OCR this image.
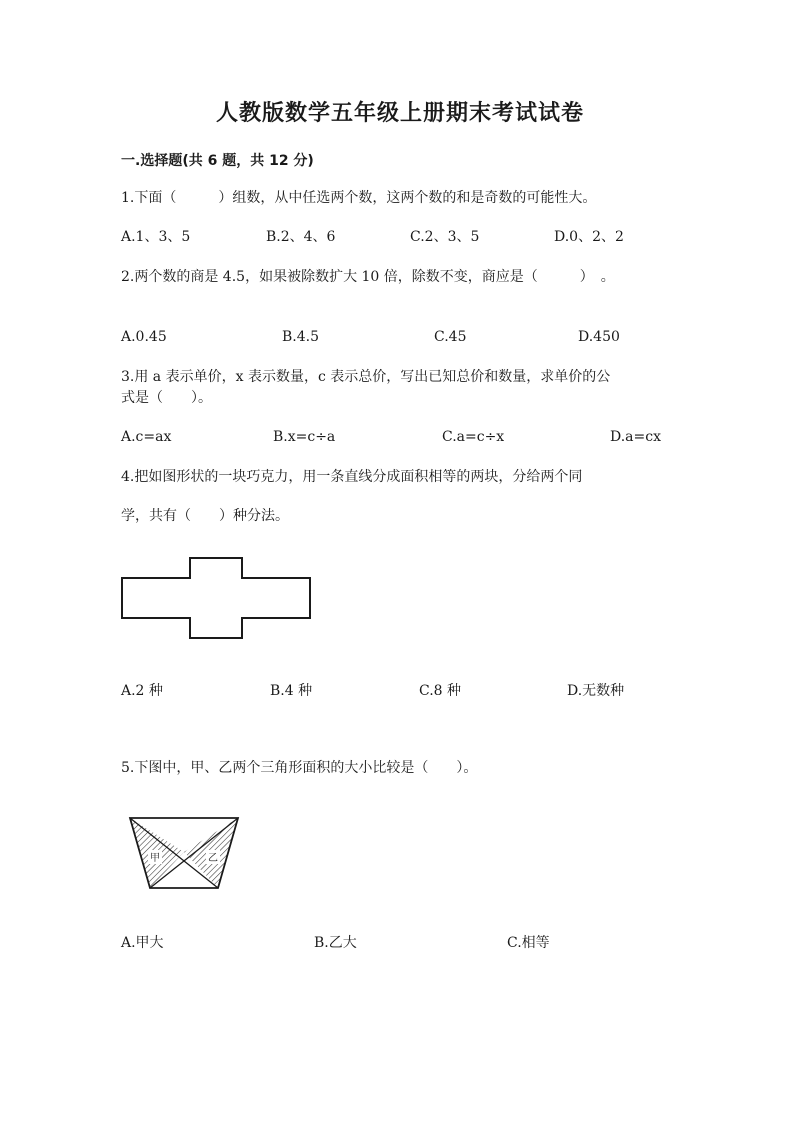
人教版数学五年级上册期末考试试卷
一.选择题(共 6 题，共 12 分)
1.下面（　　　）组数，从中任选两个数，这两个数的和是奇数的可能性大。
A.1、3、5	B.2、4、6	C.2、3、5	D.0、2、2
2.两个数的商是 4.5，如果被除数扩大 10 倍，除数不变，商应是（　　　）　。
A.0.45	B.4.5	C.45	D.450
3.用 a 表示单价，x 表示数量，c 表示总价，写出已知总价和数量，求单价的公
式是（　　）。
A.c=ax	B.x=c÷a	C.a=c÷x	D.a=cx
4.把如图形状的一块巧克力，用一条直线分成面积相等的两块，分给两个同
学，共有（　　）种分法。
A.2 种	B.4 种	C.8 种	D.无数种
5.下图中，甲、乙两个三角形面积的大小比较是（　　）。
甲	乙
A.甲大	B.乙大	C.相等
